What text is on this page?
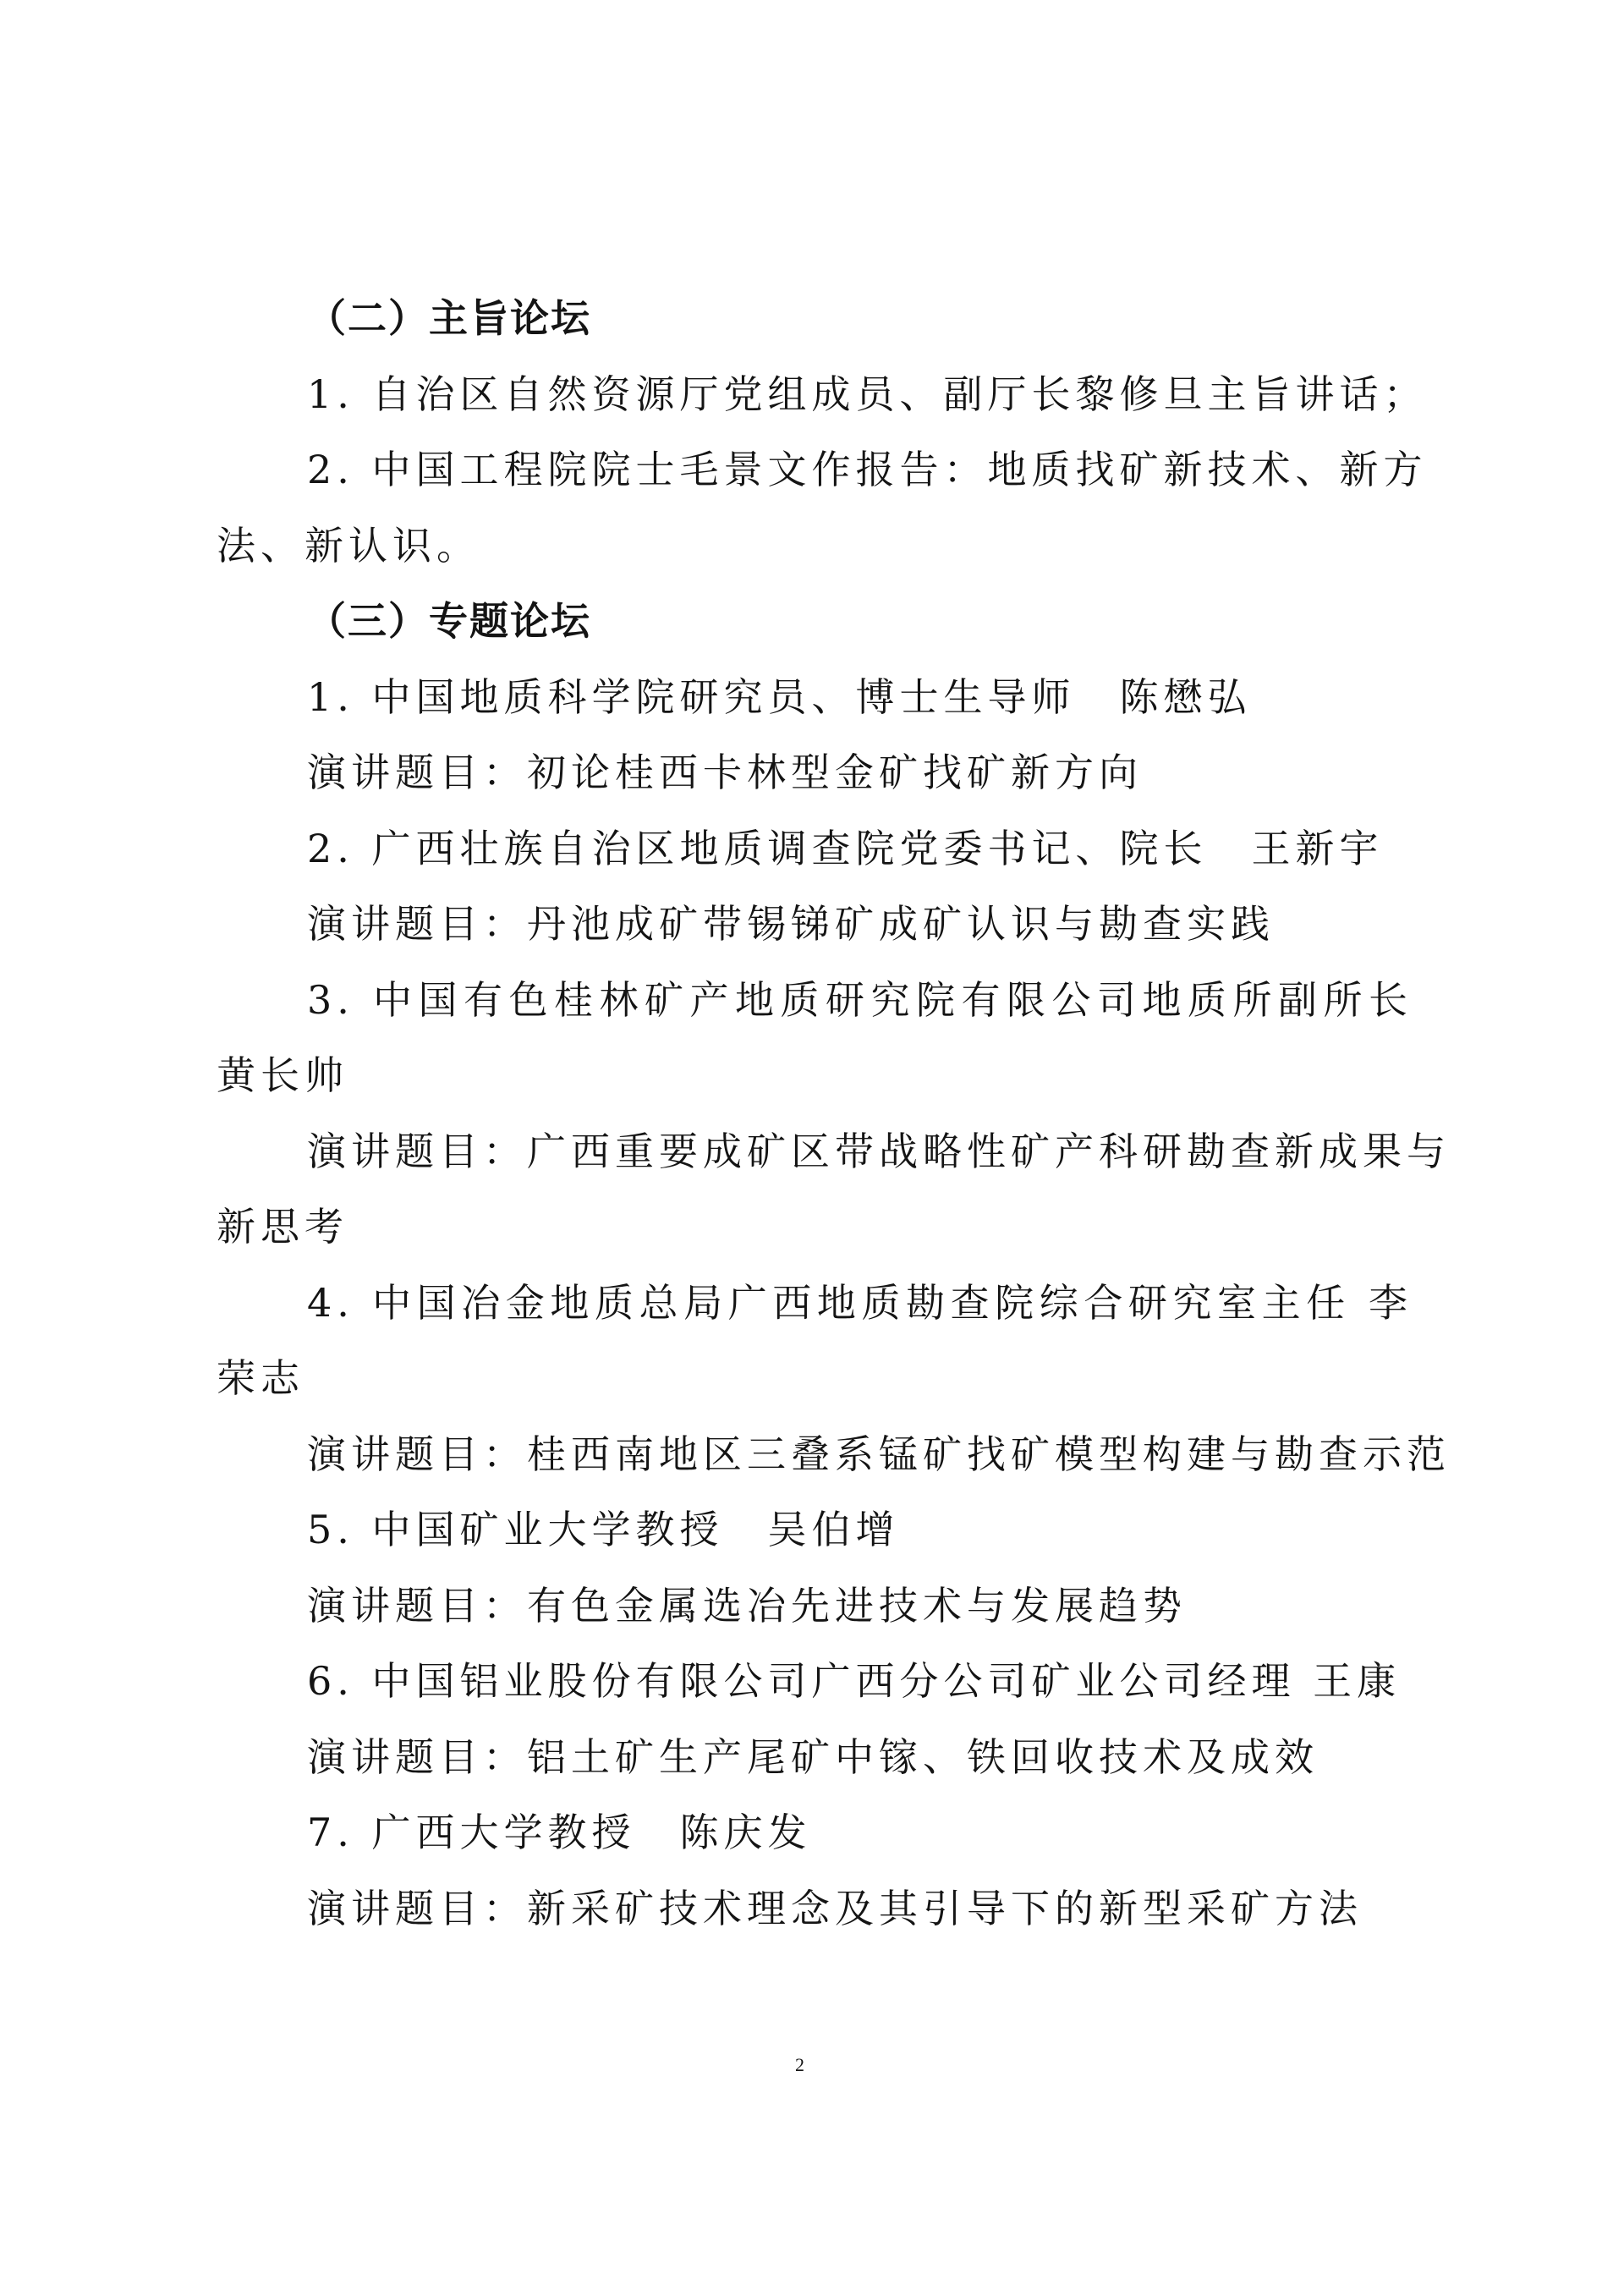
（二）主旨论坛
1. 自治区自然资源厅党组成员、副厅长黎修旦主旨讲话；
2. 中国工程院院士毛景文作报告：地质找矿新技术、新方
法、新认识。
（三）专题论坛
1. 中国地质科学院研究员、博士生导师　陈懋弘
演讲题目：初论桂西卡林型金矿找矿新方向
2. 广西壮族自治区地质调查院党委书记、院长　王新宇
演讲题目：丹池成矿带锡锑矿成矿认识与勘查实践
3. 中国有色桂林矿产地质研究院有限公司地质所副所长
黄长帅
演讲题目：广西重要成矿区带战略性矿产科研勘查新成果与
新思考
4. 中国冶金地质总局广西地质勘查院综合研究室主任 李
荣志
演讲题目：桂西南地区三叠系锰矿找矿模型构建与勘查示范
5. 中国矿业大学教授　吴伯增
演讲题目：有色金属选冶先进技术与发展趋势
6. 中国铝业股份有限公司广西分公司矿业公司经理 王康
演讲题目：铝土矿生产尾矿中镓、铁回收技术及成效
7. 广西大学教授　陈庆发
演讲题目：新采矿技术理念及其引导下的新型采矿方法
2
